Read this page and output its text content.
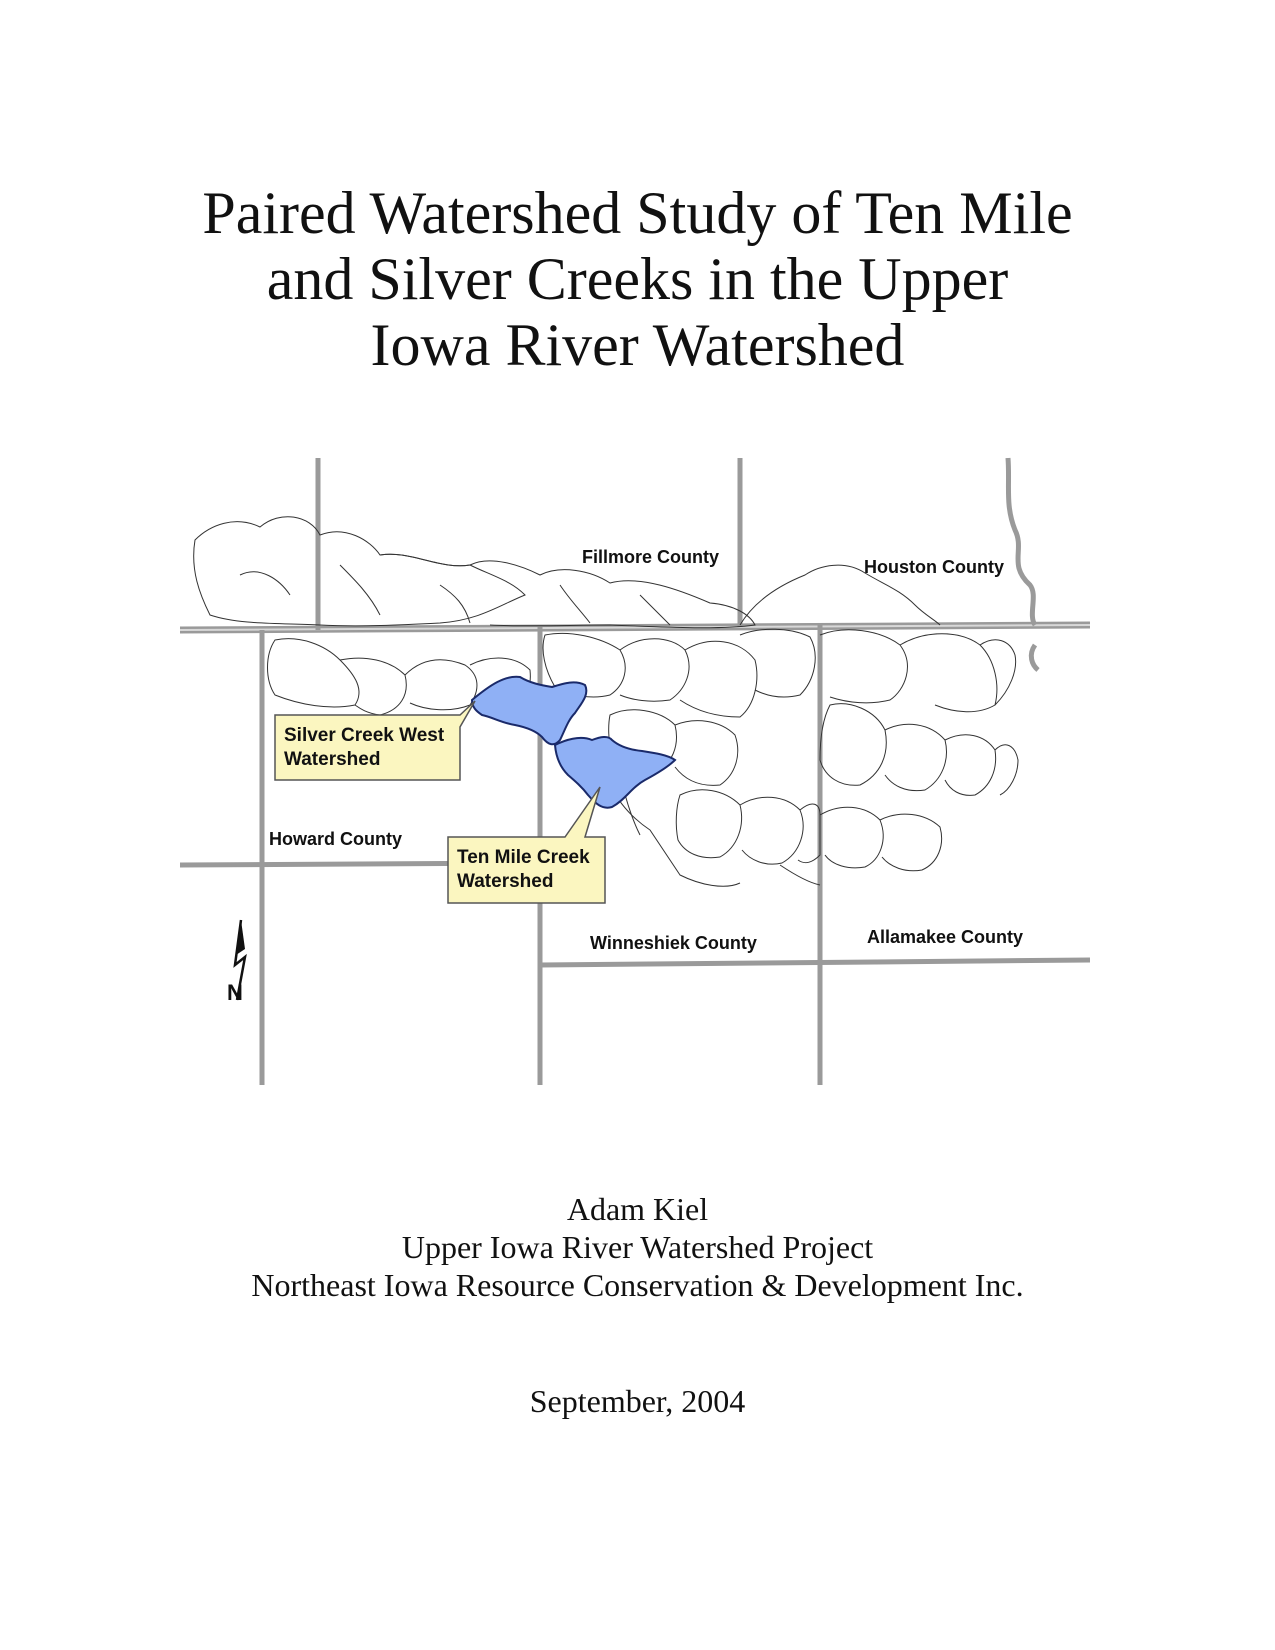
Paired Watershed Study of Ten Mile
and Silver Creeks in the Upper
Iowa River Watershed
Silver Creek West
Watershed
Ten Mile Creek
Watershed
Fillmore County	Houston County
Howard County
Winneshiek County	Allamakee County
N
Adam Kiel
Upper Iowa River Watershed Project
Northeast Iowa Resource Conservation & Development Inc.
September, 2004
